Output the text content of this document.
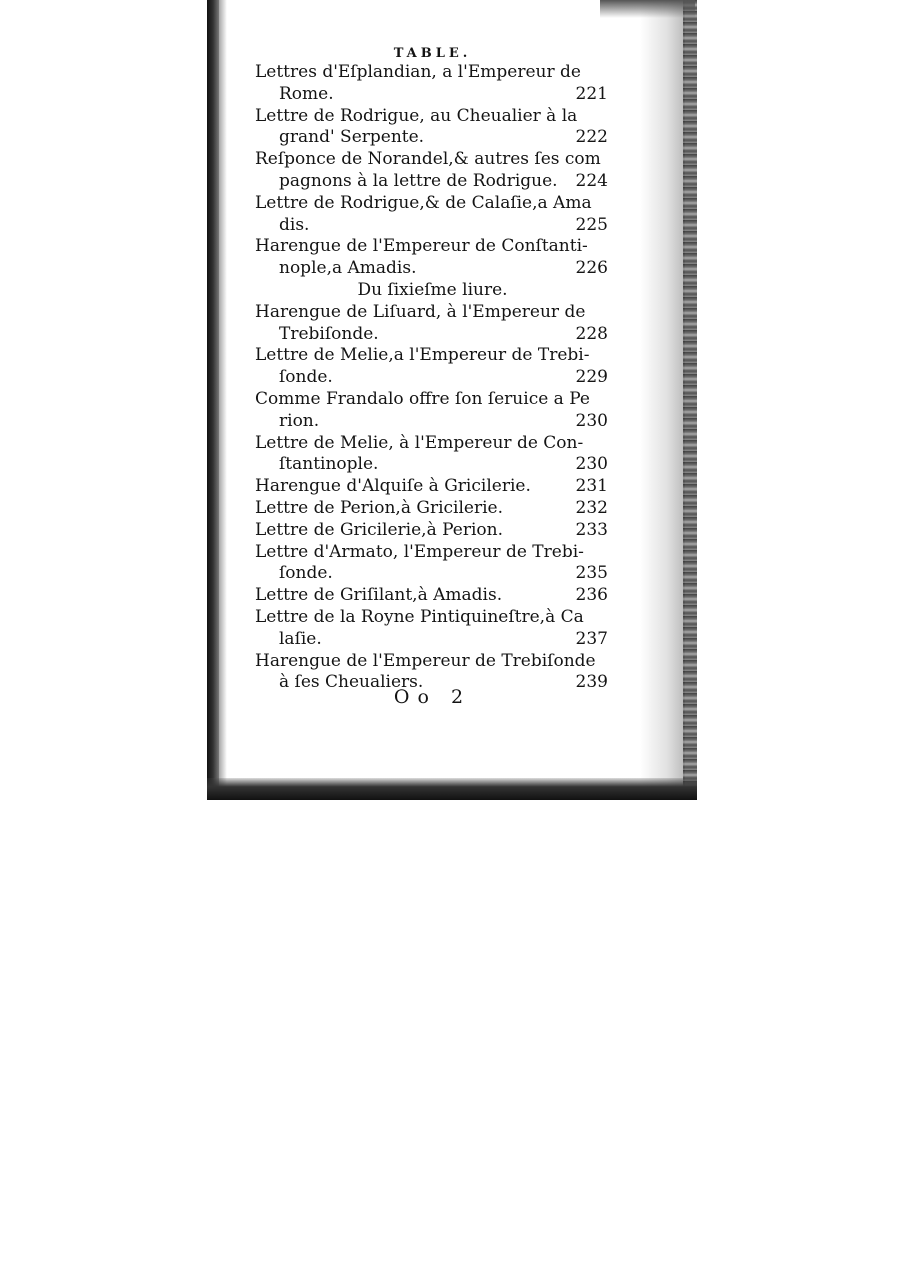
TABLE.
Lettres d'Eſplandian, a l'Empereur de
Rome.	221
Lettre de Rodrigue, au Cheualier à la
grand' Serpente.	222
Reſponce de Norandel,& autres ſes com
pagnons à la lettre de Rodrigue. 224
Lettre de Rodrigue,& de Calaſie,a Ama
dis.	225
Harengue de l'Empereur de Conſtanti-
nople,a Amadis.	226
Du ſixieſme liure.
Harengue de Liſuard, à l'Empereur de
Trebiſonde.	228
Lettre de Melie,a l'Empereur de Trebi-
ſonde.	229
Comme Frandalo offre ſon ſeruice a Pe
rion.	230
Lettre de Melie, à l'Empereur de Con-
ſtantinople.	230
Harengue d'Alquiſe à Gricilerie.	231
Lettre de Perion,à Gricilerie.	232
Lettre de Gricilerie,à Perion.	233
Lettre d'Armato, l'Empereur de Trebi-
ſonde.	235
Lettre de Griſilant,à Amadis.	236
Lettre de la Royne Pintiquineſtre,à Ca
laſie.	237
Harengue de l'Empereur de Trebiſonde
à ſes Cheualiers.	239
Oo 2
